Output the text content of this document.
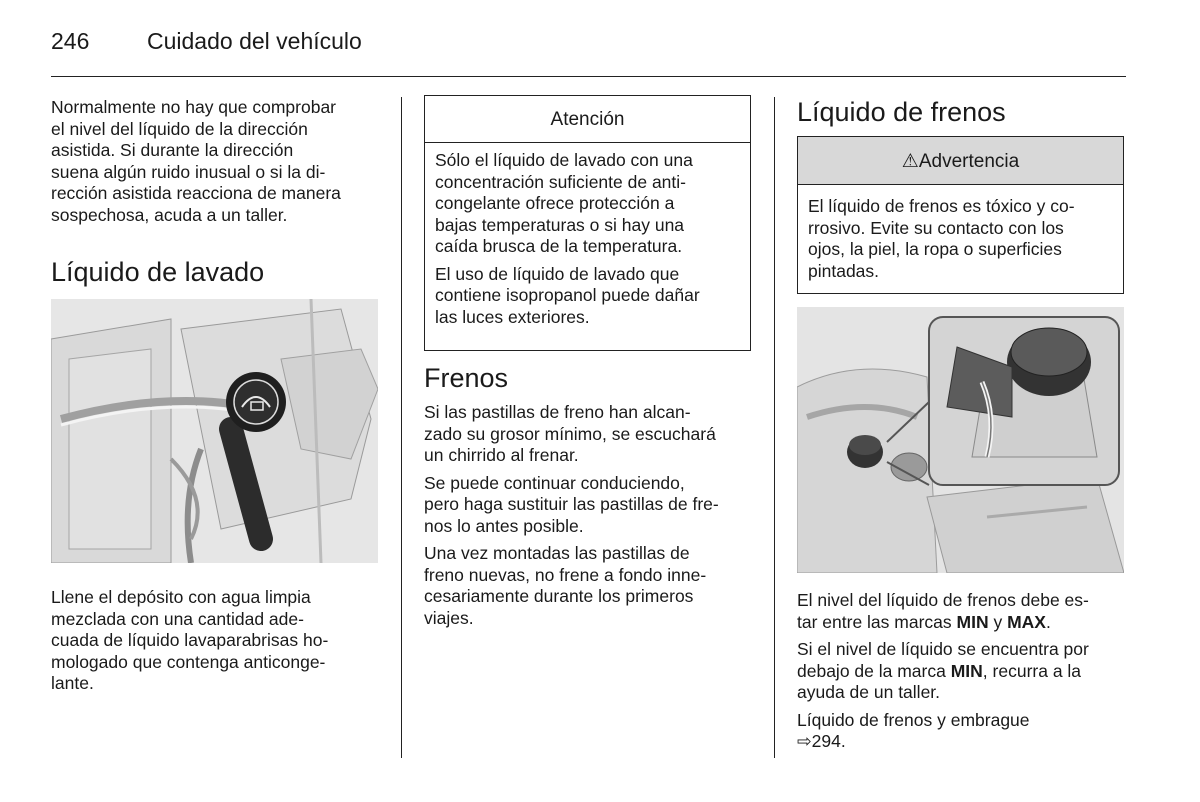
246	Cuidado del vehículo

Normalmente no hay que comprobar
el nivel del líquido de la dirección
asistida. Si durante la dirección
suena algún ruido inusual o si la di-
rección asistida reacciona de manera
sospechosa, acuda a un taller.

Líquido de lavado

Llene el depósito con agua limpia
mezclada con una cantidad ade-
cuada de líquido lavaparabrisas ho-
mologado que contenga anticonge-
lante.

Atención

Sólo el líquido de lavado con una
concentración suficiente de anti-
congelante ofrece protección a
bajas temperaturas o si hay una
caída brusca de la temperatura.

El uso de líquido de lavado que
contiene isopropanol puede dañar
las luces exteriores.

Frenos

Si las pastillas de freno han alcan-
zado su grosor mínimo, se escuchará
un chirrido al frenar.

Se puede continuar conduciendo,
pero haga sustituir las pastillas de fre-
nos lo antes posible.

Una vez montadas las pastillas de
freno nuevas, no frene a fondo inne-
cesariamente durante los primeros
viajes.

Líquido de frenos
⚠Advertencia

El líquido de frenos es tóxico y co-
rrosivo. Evite su contacto con los
ojos, la piel, la ropa o superficies
pintadas.

El nivel del líquido de frenos debe es-
tar entre las marcas MIN y MAX.

Si el nivel de líquido se encuentra por
debajo de la marca MIN, recurra a la
ayuda de un taller.

Líquido de frenos y embrague
⇨294.
